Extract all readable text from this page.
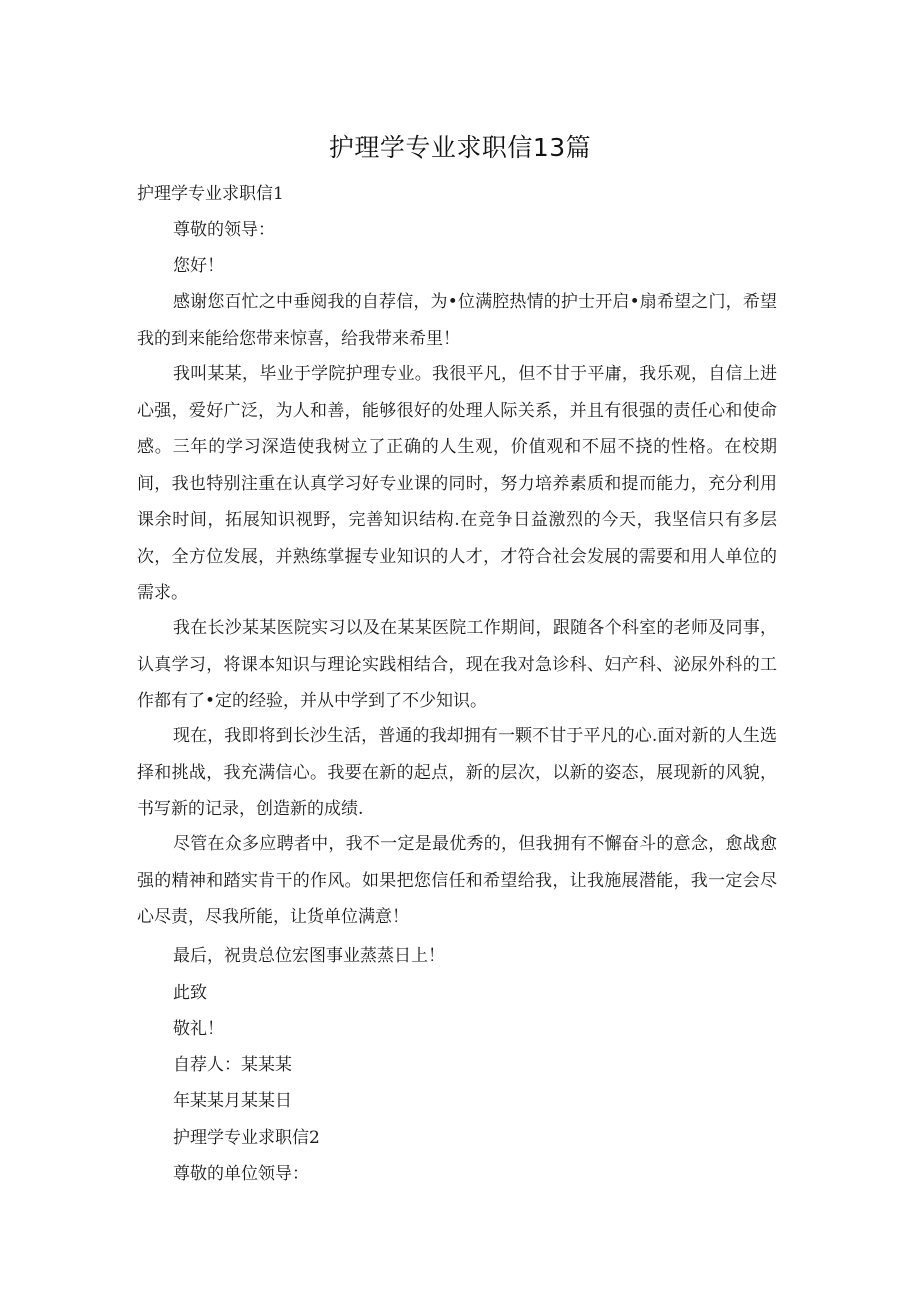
护理学专业求职信13篇
护理学专业求职信1
尊敬的领导：
您好！

感谢您百忙之中垂阅我的自荐信，为•位满腔热情的护士开启•扇希望之门，希望我的到来能给您带来惊喜，给我带来希里！

我叫某某，毕业于学院护理专业。我很平凡，但不甘于平庸，我乐观，自信上进心强，爱好广泛，为人和善，能够很好的处理人际关系，并且有很强的责任心和使命感。三年的学习深造使我树立了正确的人生观，价值观和不屈不挠的性格。在校期间，我也特别注重在认真学习好专业课的同时，努力培养素质和提而能力，充分利用课余时间，拓展知识视野，完善知识结构.在竞争日益激烈的今天，我坚信只有多层次，全方位发展，并熟练掌握专业知识的人才，才符合社会发展的需要和用人单位的需求。

我在长沙某某医院实习以及在某某医院工作期间，跟随各个科室的老师及同事，认真学习，将课本知识与理论实践相结合，现在我对急诊科、妇产科、泌尿外科的工作都有了•定的经验，并从中学到了不少知识。

现在，我即将到长沙生活，普通的我却拥有一颗不甘于平凡的心.面对新的人生选择和挑战，我充满信心。我要在新的起点，新的层次，以新的姿态，展现新的风貌，书写新的记录，创造新的成绩.

尽管在众多应聘者中，我不一定是最优秀的，但我拥有不懈奋斗的意念，愈战愈强的精神和踏实肯干的作风。如果把您信任和希望给我，让我施展潜能，我一定会尽心尽责，尽我所能，让货单位满意！

最后，祝贵总位宏图事业蒸蒸日上！
此致
敬礼！
自荐人：某某某
年某某月某某日
护理学专业求职信2
尊敬的单位领导：
